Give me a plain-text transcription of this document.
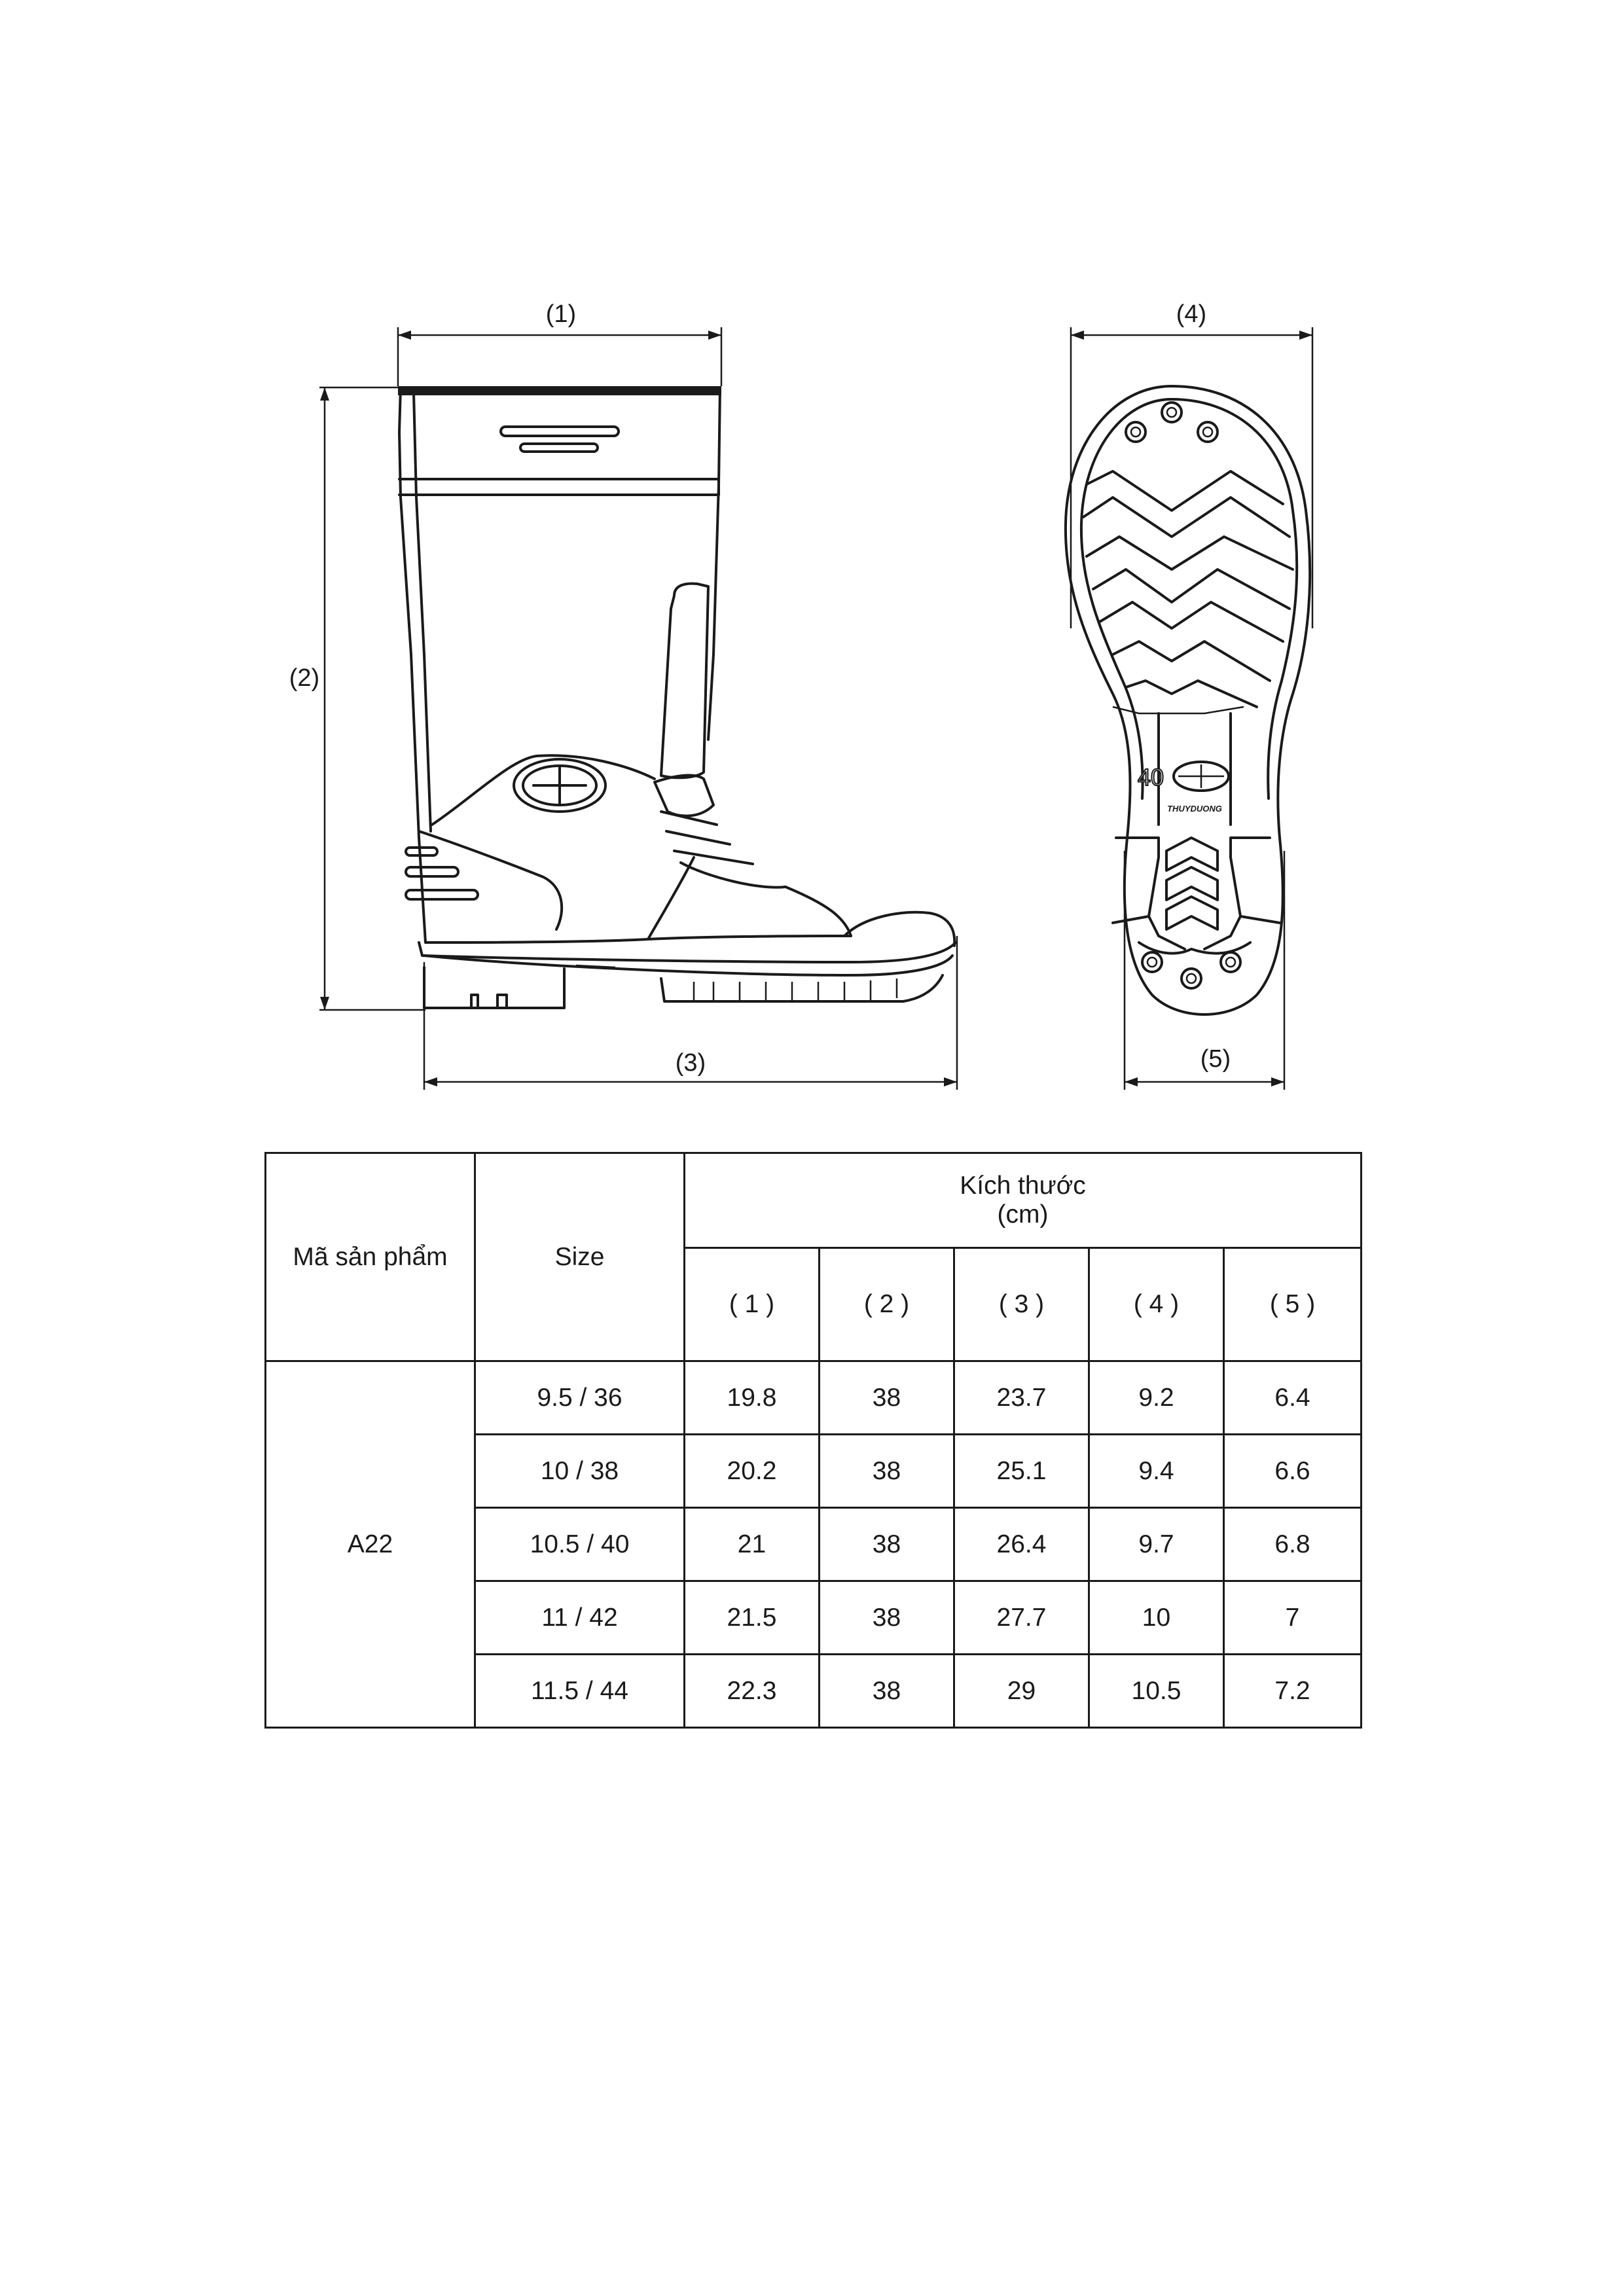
(1)
(2)
(3)
(4)
(5)
40
THUYDUONG
Mã sản phẩm	Size	Kích thước
(cm)				

		( 1 )	( 2 )	( 3 )	( 4 )	( 5 )
A22	9.5 / 36	19.8	38	23.7	9.2	6.4
	10 / 38	20.2	38	25.1	9.4	6.6
	10.5 / 40	21	38	26.4	9.7	6.8
	11 / 42	21.5	38	27.7	10	7
	11.5 / 44	22.3	38	29	10.5	7.2
